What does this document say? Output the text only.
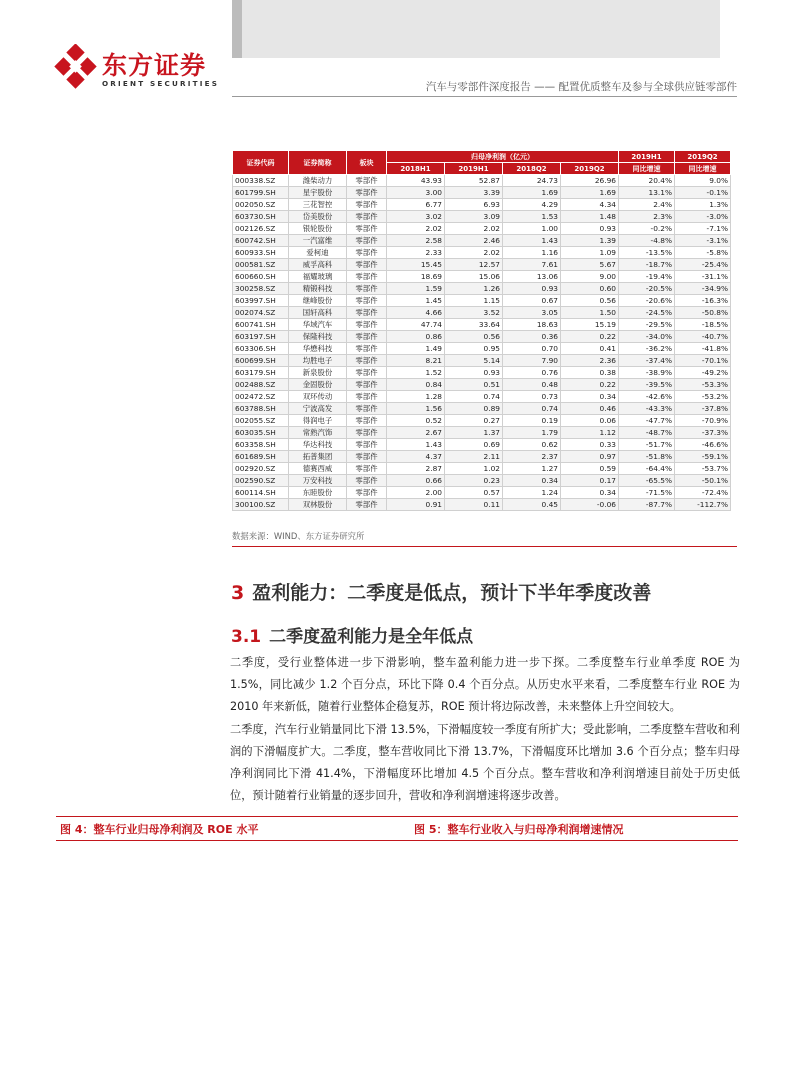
东方证券
ORIENT SECURITIES	汽车与零部件深度报告 —— 配置优质整车及参与全球供应链零部件
证券代码	证券简称	板块	归母净利润（亿元）				2019H1	2019Q2
			2018H1	2019H1	2018Q2	2019Q2	同比增速	同比增速
000338.SZ	潍柴动力	零部件	43.93	52.87	24.73	26.96	20.4%	9.0%
601799.SH	星宇股份	零部件	3.00	3.39	1.69	1.69	13.1%	-0.1%
002050.SZ	三花智控	零部件	6.77	6.93	4.29	4.34	2.4%	1.3%
603730.SH	岱美股份	零部件	3.02	3.09	1.53	1.48	2.3%	-3.0%
002126.SZ	银轮股份	零部件	2.02	2.02	1.00	0.93	-0.2%	-7.1%
600742.SH	一汽富维	零部件	2.58	2.46	1.43	1.39	-4.8%	-3.1%
600933.SH	爱柯迪	零部件	2.33	2.02	1.16	1.09	-13.5%	-5.8%
000581.SZ	威孚高科	零部件	15.45	12.57	7.61	5.67	-18.7%	-25.4%
600660.SH	福耀玻璃	零部件	18.69	15.06	13.06	9.00	-19.4%	-31.1%
300258.SZ	精锻科技	零部件	1.59	1.26	0.93	0.60	-20.5%	-34.9%
603997.SH	继峰股份	零部件	1.45	1.15	0.67	0.56	-20.6%	-16.3%
002074.SZ	国轩高科	零部件	4.66	3.52	3.05	1.50	-24.5%	-50.8%
600741.SH	华域汽车	零部件	47.74	33.64	18.63	15.19	-29.5%	-18.5%
603197.SH	保隆科技	零部件	0.86	0.56	0.36	0.22	-34.0%	-40.7%
603306.SH	华懋科技	零部件	1.49	0.95	0.70	0.41	-36.2%	-41.8%
600699.SH	均胜电子	零部件	8.21	5.14	7.90	2.36	-37.4%	-70.1%
603179.SH	新泉股份	零部件	1.52	0.93	0.76	0.38	-38.9%	-49.2%
002488.SZ	金固股份	零部件	0.84	0.51	0.48	0.22	-39.5%	-53.3%
002472.SZ	双环传动	零部件	1.28	0.74	0.73	0.34	-42.6%	-53.2%
603788.SH	宁波高发	零部件	1.56	0.89	0.74	0.46	-43.3%	-37.8%
002055.SZ	得润电子	零部件	0.52	0.27	0.19	0.06	-47.7%	-70.9%
603035.SH	常熟汽饰	零部件	2.67	1.37	1.79	1.12	-48.7%	-37.3%
603358.SH	华达科技	零部件	1.43	0.69	0.62	0.33	-51.7%	-46.6%
601689.SH	拓普集团	零部件	4.37	2.11	2.37	0.97	-51.8%	-59.1%
002920.SZ	德赛西威	零部件	2.87	1.02	1.27	0.59	-64.4%	-53.7%
002590.SZ	万安科技	零部件	0.66	0.23	0.34	0.17	-65.5%	-50.1%
600114.SH	东睦股份	零部件	2.00	0.57	1.24	0.34	-71.5%	-72.4%
300100.SZ	双林股份	零部件	0.91	0.11	0.45	-0.06	-87.7%	-112.7%
数据来源：WIND、东方证券研究所
3 盈利能力：二季度是低点，预计下半年季度改善
3.1 二季度盈利能力是全年低点
二季度，受行业整体进一步下滑影响，整车盈利能力进一步下探。二季度整车行业单季度 ROE 为 1.5%，同比减少 1.2 个百分点，环比下降 0.4 个百分点。从历史水平来看，二季度整车行业 ROE 为 2010 年来新低，随着行业整体企稳复苏，ROE 预计将边际改善，未来整体上升空间较大。
二季度，汽车行业销量同比下滑 13.5%，下滑幅度较一季度有所扩大；受此影响，二季度整车营收和利润的下滑幅度扩大。二季度，整车营收同比下滑 13.7%，下滑幅度环比增加 3.6 个百分点；整车归母净利润同比下滑 41.4%，下滑幅度环比增加 4.5 个百分点。整车营收和净利润增速目前处于历史低位，预计随着行业销量的逐步回升，营收和净利润增速将逐步改善。
图 4：整车行业归母净利润及 ROE 水平	图 5：整车行业收入与归母净利润增速情况
